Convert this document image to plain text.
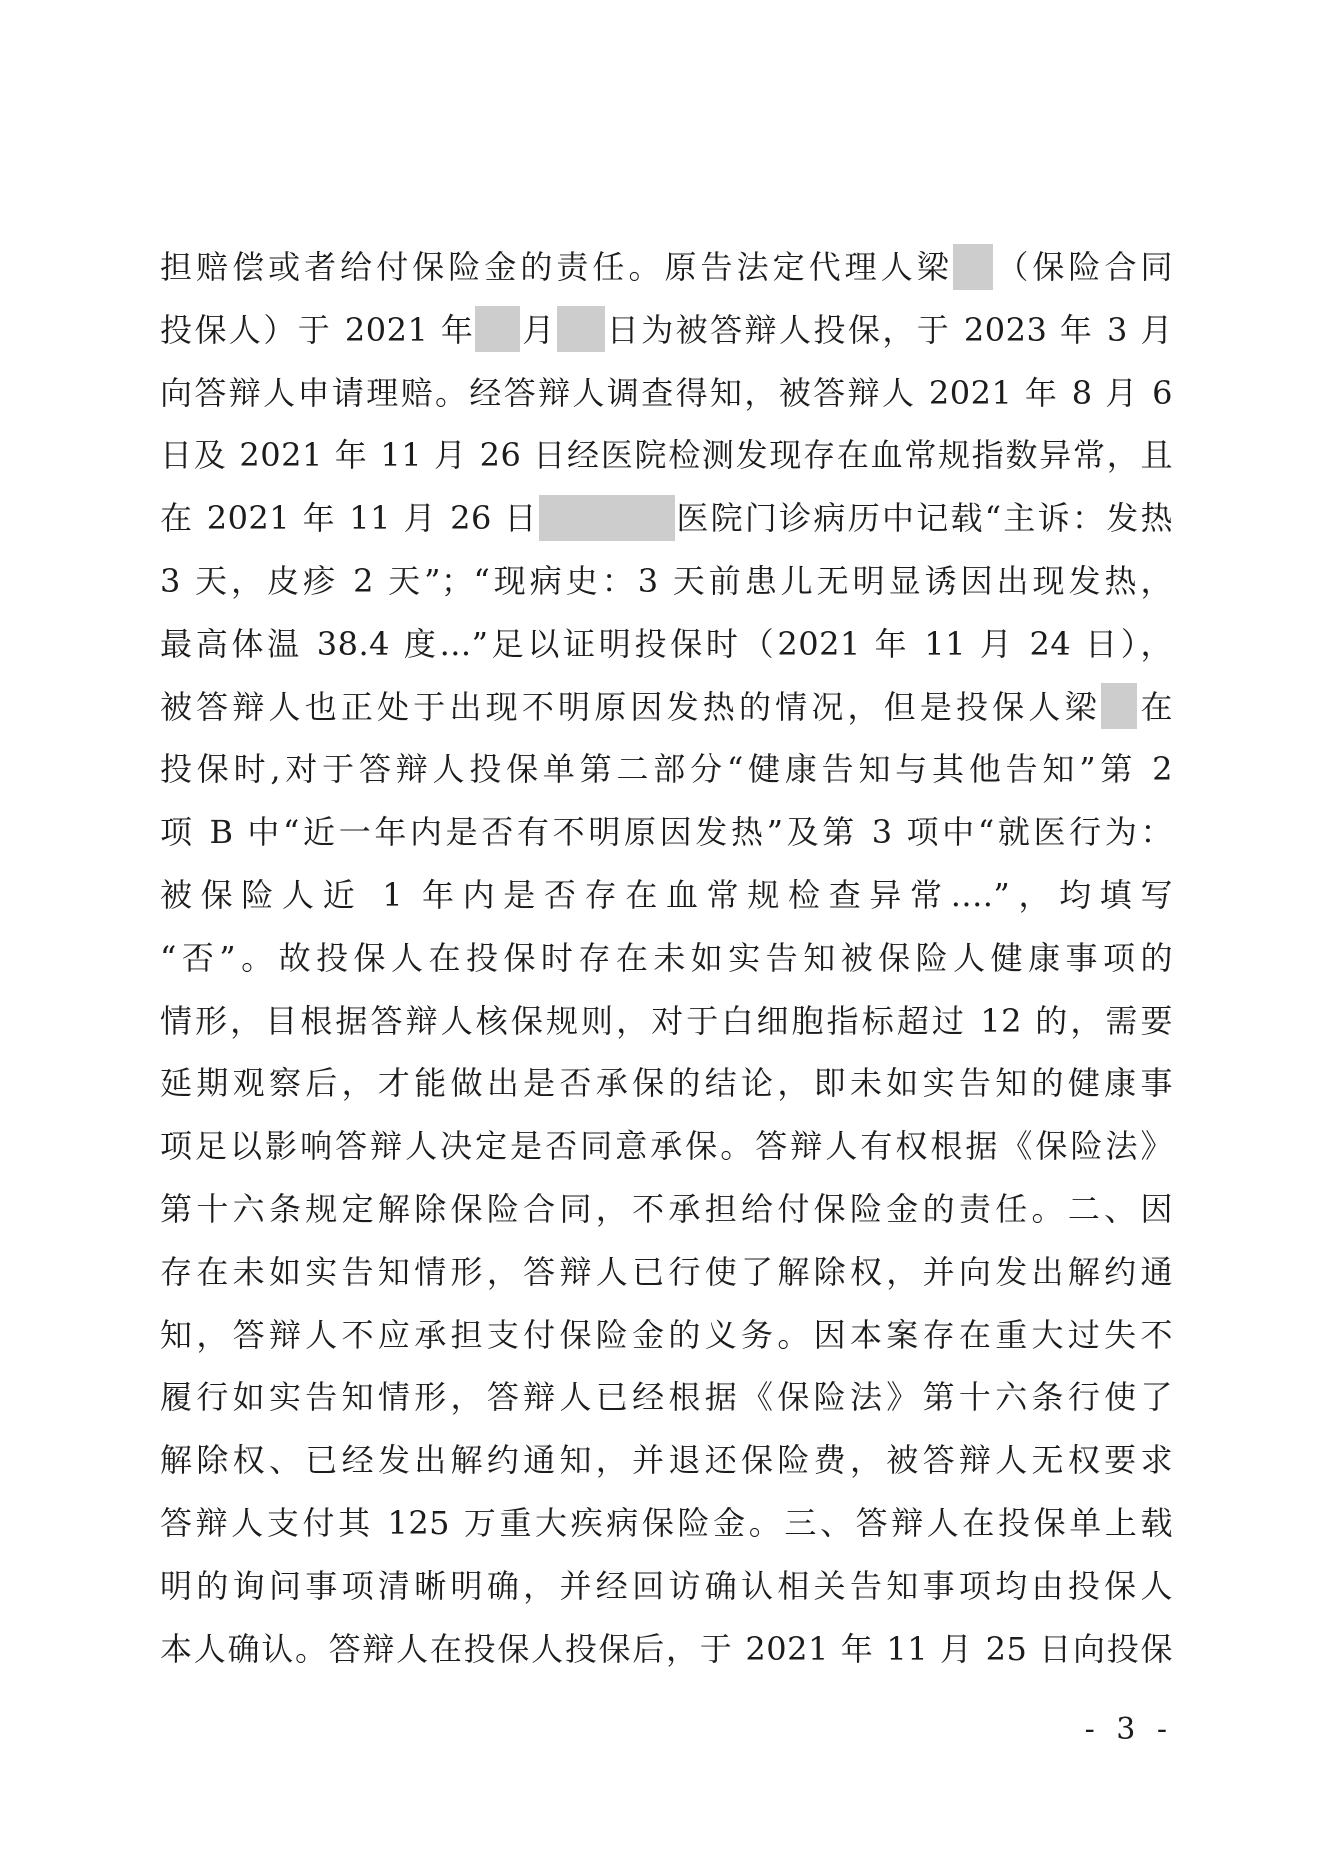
担赔偿或者给付保险金的责任。原告法定代理人梁 （保险合同
投保人）于 2021 年 月 日为被答辩人投保，于 2023 年 3 月
向答辩人申请理赔。经答辩人调查得知，被答辩人 2021 年 8 月 6
日及 2021 年 11 月 26 日经医院检测发现存在血常规指数异常，且
在 2021 年 11 月 26 日	医院门诊病历中记载“主诉：发热
3 天，皮疹 2 天”；“现病史：3 天前患儿无明显诱因出现发热，
最高体温 38.4 度...”足以证明投保时（2021 年 11 月 24 日），
被答辩人也正处于出现不明原因发热的情况，但是投保人梁 在
投保时,对于答辩人投保单第二部分“健康告知与其他告知”第 2
项 B 中“近一年内是否有不明原因发热”及第 3 项中“就医行为：
被保险人近 1 年内是否存在血常规检查异常....”，均填写
“否”。故投保人在投保时存在未如实告知被保险人健康事项的
情形，目根据答辩人核保规则，对于白细胞指标超过 12 的，需要
延期观察后，才能做出是否承保的结论，即未如实告知的健康事
项足以影响答辩人决定是否同意承保。答辩人有权根据《保险法》
第十六条规定解除保险合同，不承担给付保险金的责任。二、因
存在未如实告知情形，答辩人已行使了解除权，并向发出解约通
知，答辩人不应承担支付保险金的义务。因本案存在重大过失不
履行如实告知情形，答辩人已经根据《保险法》第十六条行使了
解除权、已经发出解约通知，并退还保险费，被答辩人无权要求
答辩人支付其 125 万重大疾病保险金。三、答辩人在投保单上载
明的询问事项清晰明确，并经回访确认相关告知事项均由投保人
本人确认。答辩人在投保人投保后，于 2021 年 11 月 25 日向投保
- 3 -
